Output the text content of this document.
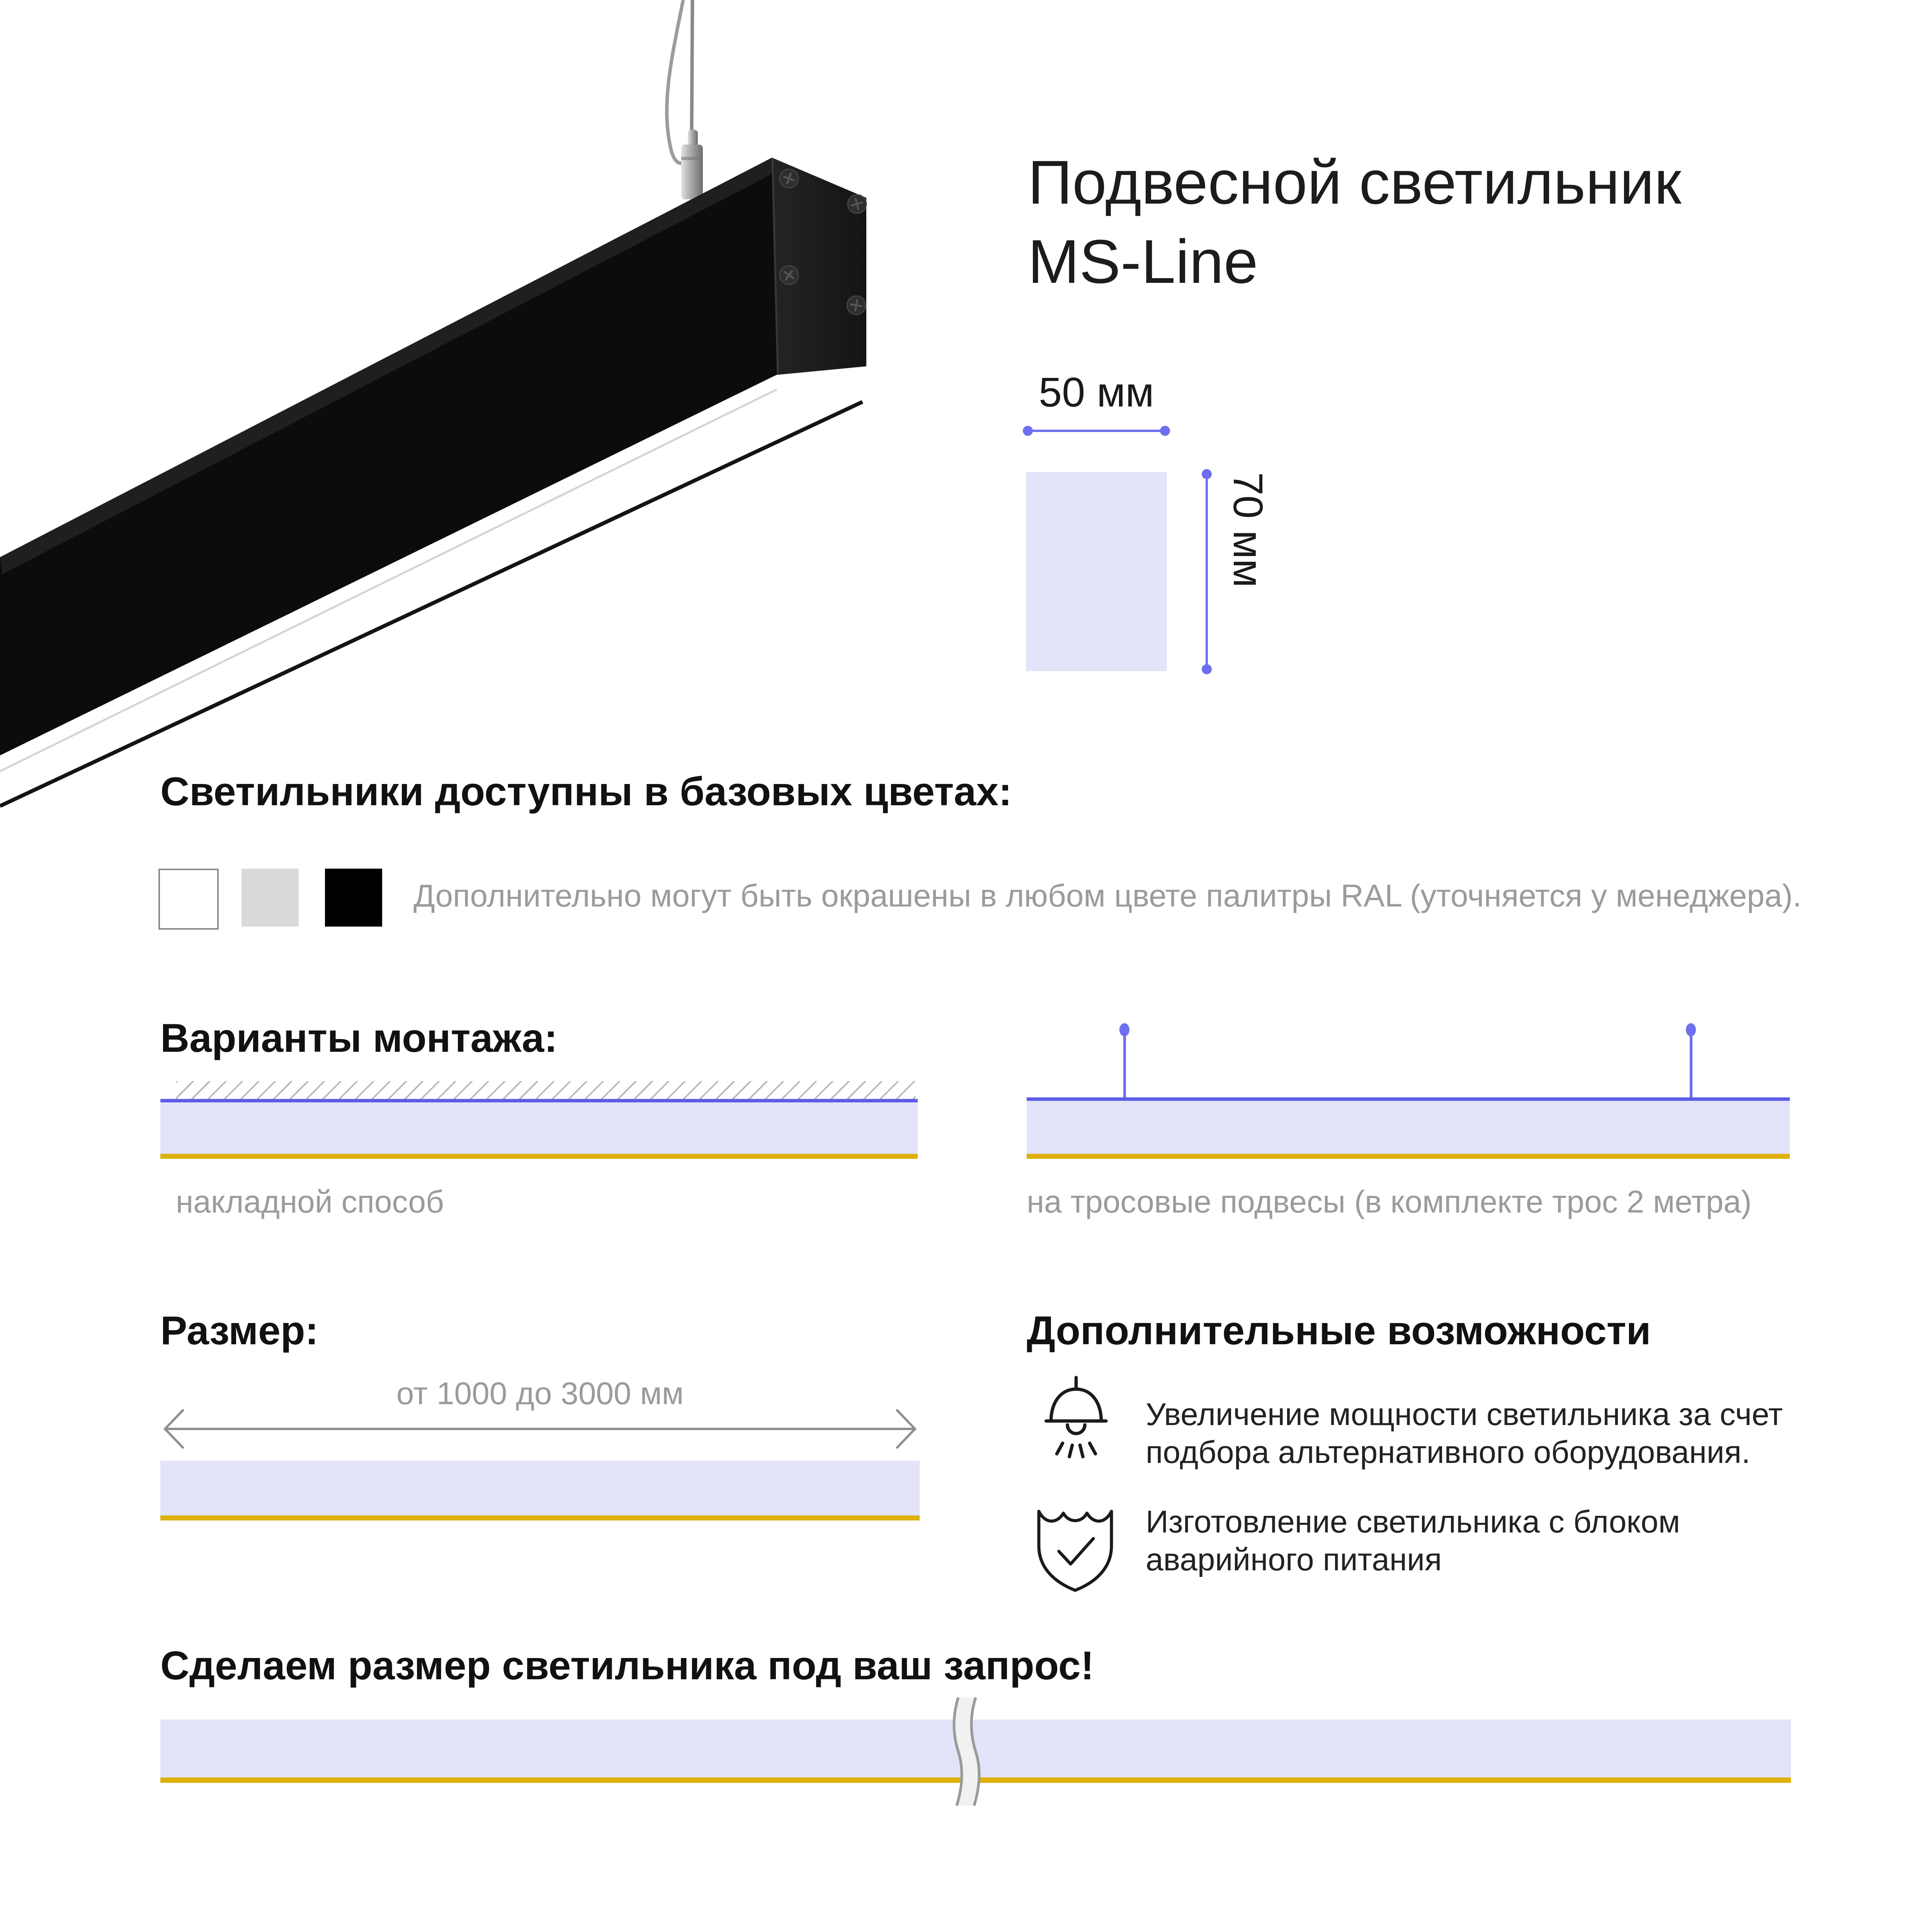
Подвесной светильник MS-Line
50 мм
70 мм
Светильники доступны в базовых цветах:
Дополнительно могут быть окрашены в любом цвете палитры RAL (уточняется у менеджера).
Варианты монтажа:
накладной способ	на тросовые подвесы (в комплекте трос 2 метра)
Размер:
от 1000 до 3000 мм
Дополнительные возможности
Увеличение мощности светильника за счет подбора альтернативного оборудования.
Изготовление светильника с блоком аварийного питания
Сделаем размер светильника под ваш запрос!
